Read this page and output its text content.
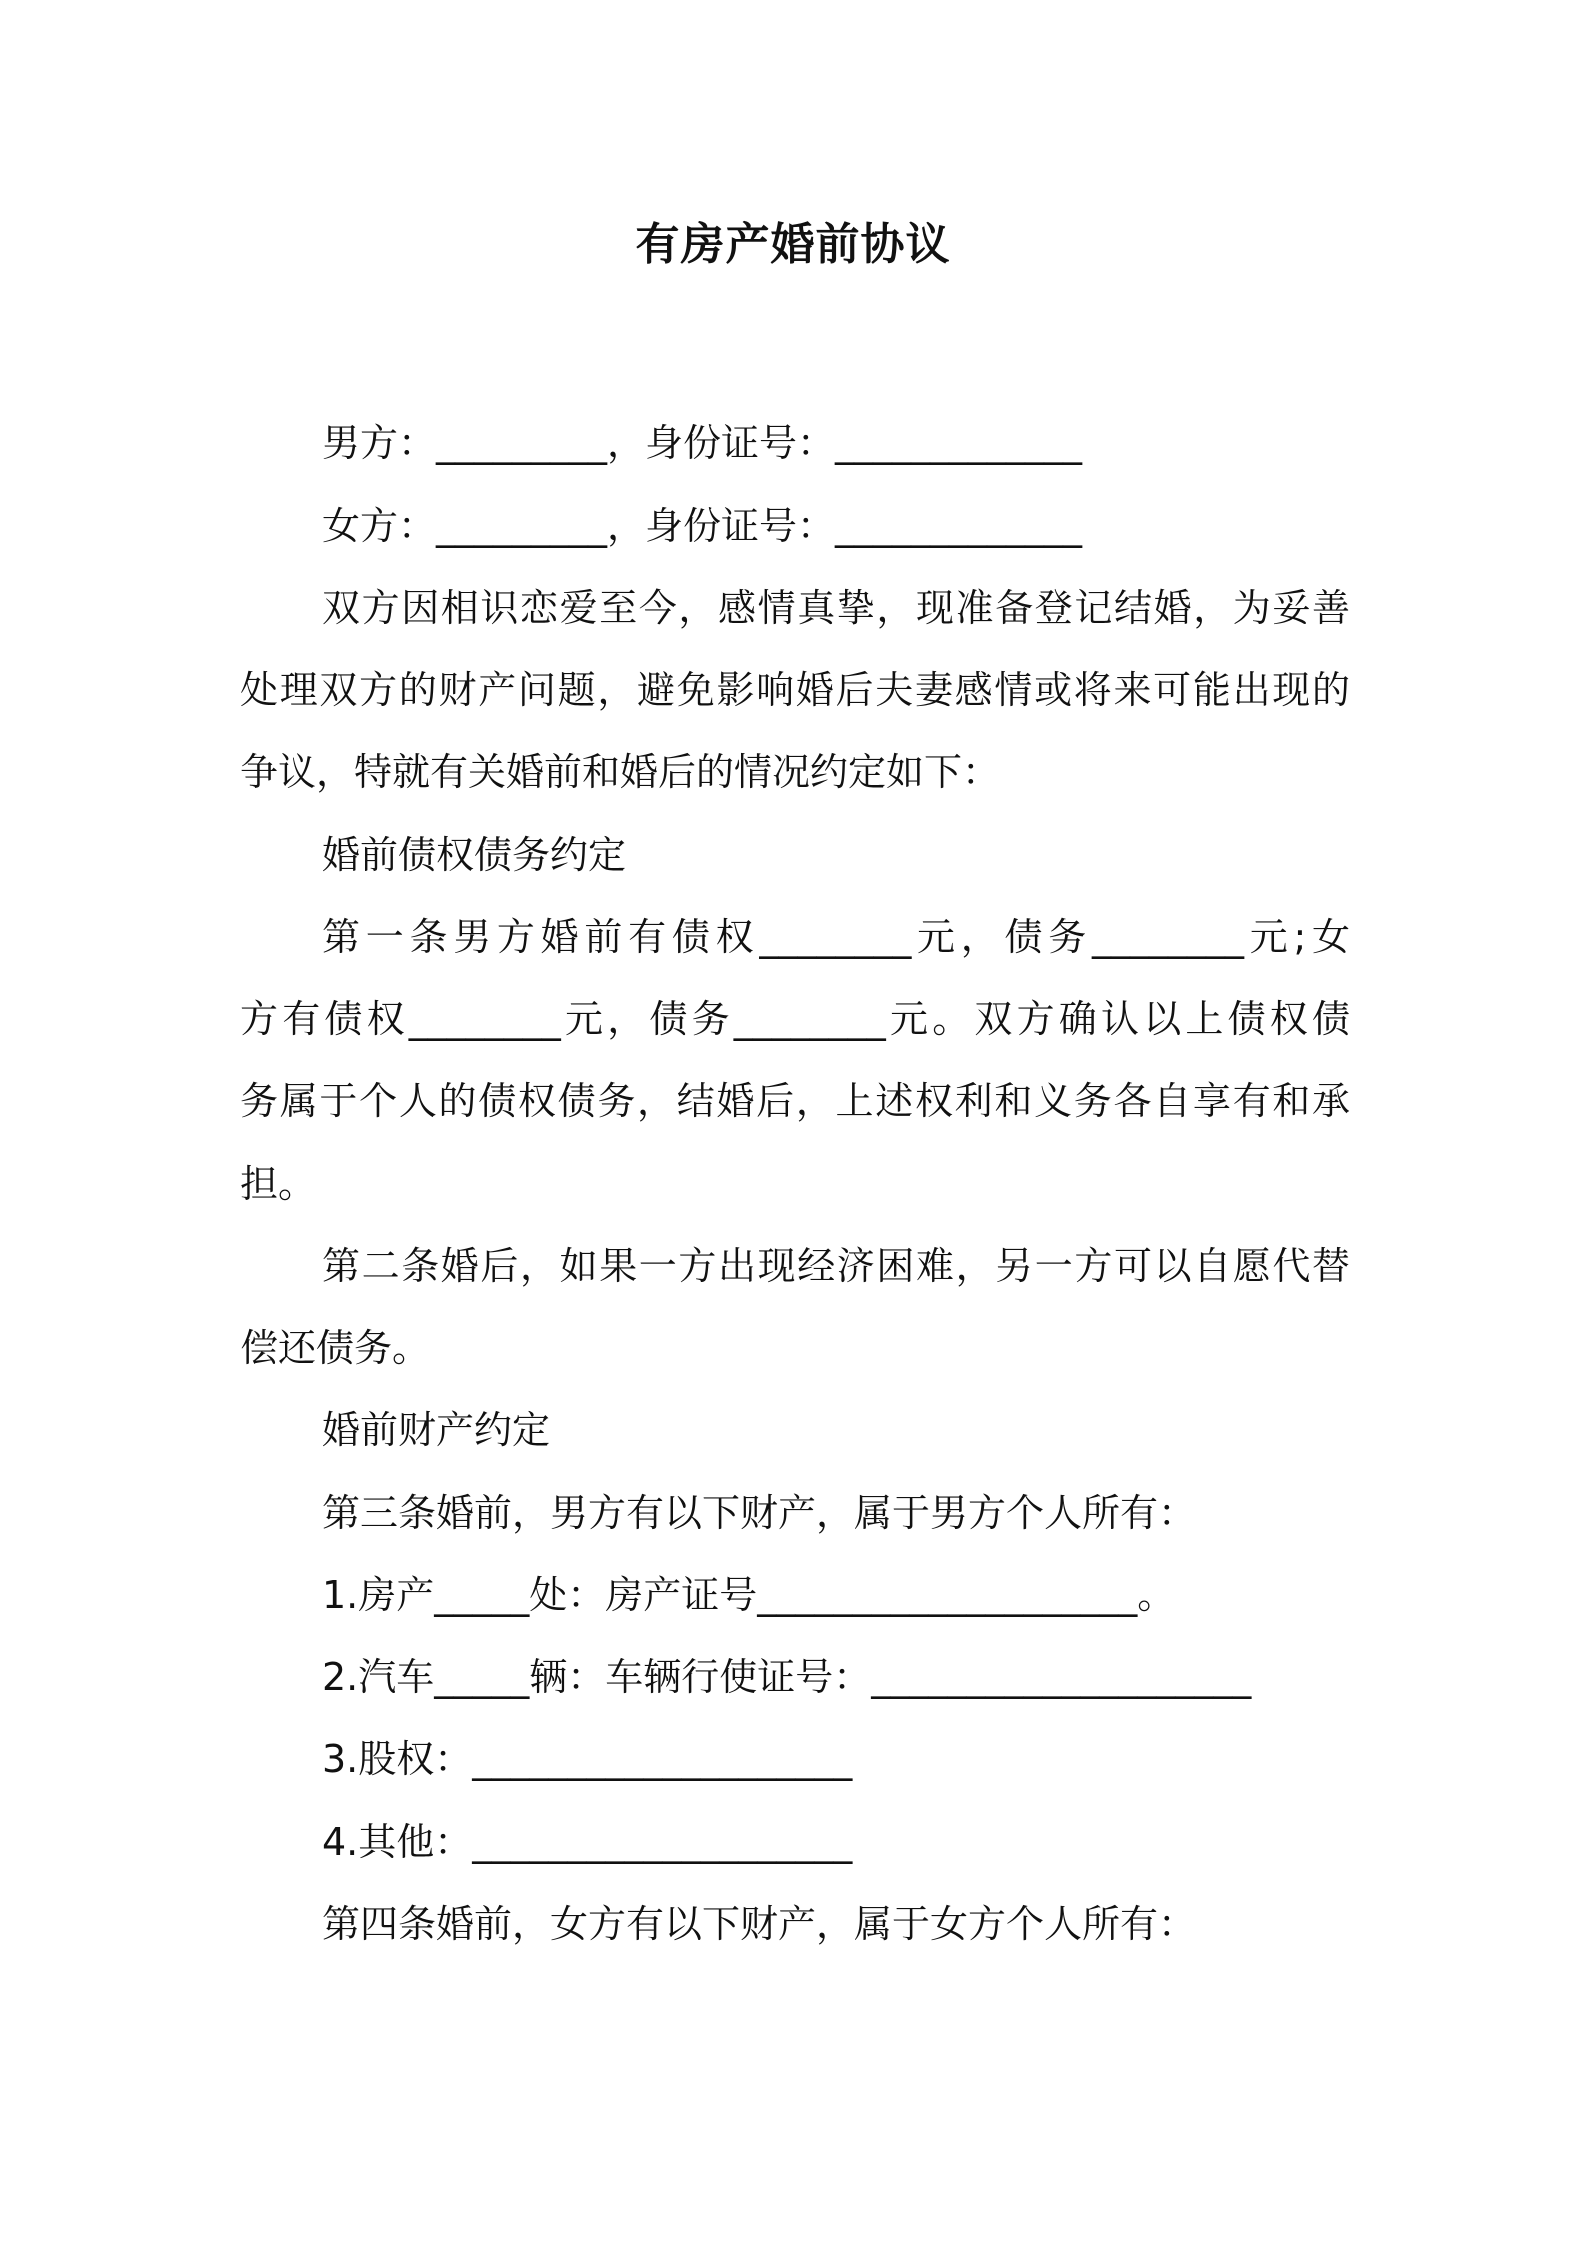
有房产婚前协议
男方：_________，身份证号：_____________
女方：_________，身份证号：_____________
双方因相识恋爱至今，感情真挚，现准备登记结婚，为妥善
处理双方的财产问题，避免影响婚后夫妻感情或将来可能出现的
争议，特就有关婚前和婚后的情况约定如下：
婚前债权债务约定
第一条男方婚前有债权________元，债务________元;女
方有债权________元，债务________元。双方确认以上债权债
务属于个人的债权债务，结婚后，上述权利和义务各自享有和承
担。
第二条婚后，如果一方出现经济困难，另一方可以自愿代替
偿还债务。
婚前财产约定
第三条婚前，男方有以下财产，属于男方个人所有：
1.房产_____处：房产证号____________________。
2.汽车_____辆：车辆行使证号：____________________
3.股权：____________________
4.其他：____________________
第四条婚前，女方有以下财产，属于女方个人所有：
